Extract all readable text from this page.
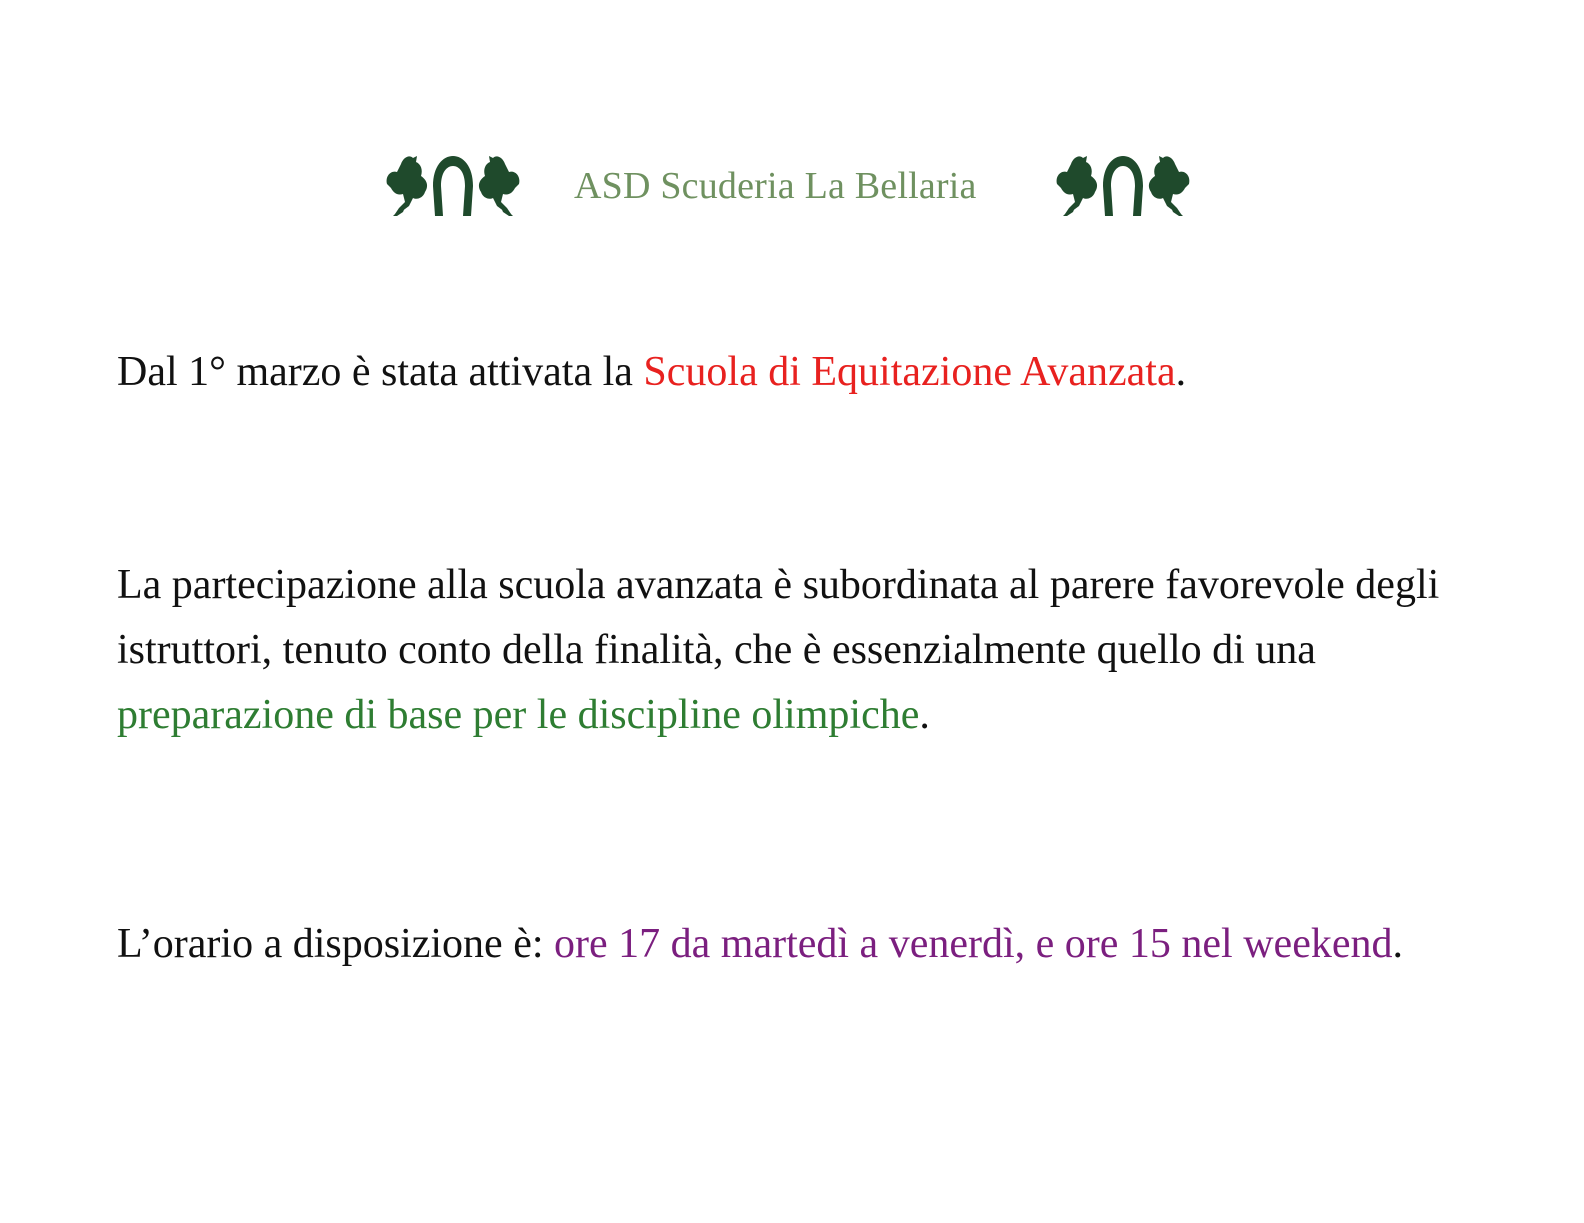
ASD Scuderia La Bellaria

Dal 1° marzo è stata attivata la Scuola di Equitazione Avanzata.

La partecipazione alla scuola avanzata è subordinata al parere favorevole degli istruttori, tenuto conto della finalità, che è essenzialmente quello di una preparazione di base per le discipline olimpiche.

L’orario a disposizione è: ore 17 da martedì a venerdì, e ore 15 nel weekend.
